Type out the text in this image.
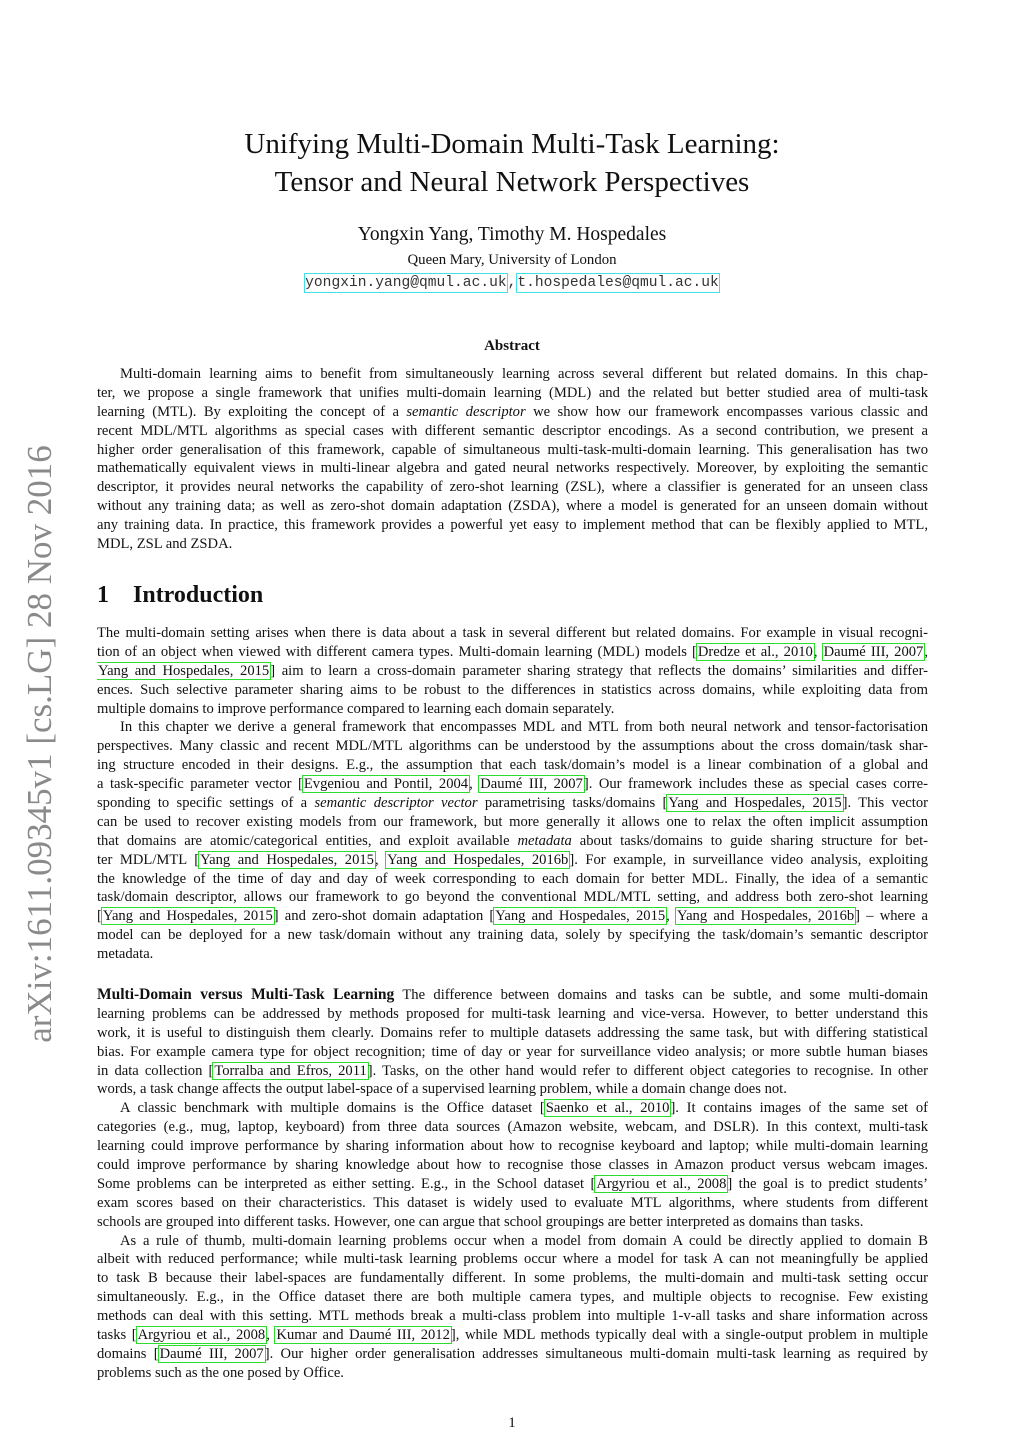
arXiv:1611.09345v1 [cs.LG] 28 Nov 2016
Unifying Multi-Domain Multi-Task Learning:
Tensor and Neural Network Perspectives
Yongxin Yang, Timothy M. Hospedales
Queen Mary, University of London
yongxin.yang@qmul.ac.uk,t.hospedales@qmul.ac.uk
Abstract
Multi-domain learning aims to benefit from simultaneously learning across several different but related domains. In this chap-
ter, we propose a single framework that unifies multi-domain learning (MDL) and the related but better studied area of multi-task
learning (MTL). By exploiting the concept of a semantic descriptor we show how our framework encompasses various classic and
recent MDL/MTL algorithms as special cases with different semantic descriptor encodings. As a second contribution, we present a
higher order generalisation of this framework, capable of simultaneous multi-task-multi-domain learning. This generalisation has two
mathematically equivalent views in multi-linear algebra and gated neural networks respectively. Moreover, by exploiting the semantic
descriptor, it provides neural networks the capability of zero-shot learning (ZSL), where a classifier is generated for an unseen class
without any training data; as well as zero-shot domain adaptation (ZSDA), where a model is generated for an unseen domain without
any training data. In practice, this framework provides a powerful yet easy to implement method that can be flexibly applied to MTL,
MDL, ZSL and ZSDA.
1 Introduction
The multi-domain setting arises when there is data about a task in several different but related domains. For example in visual recogni-
tion of an object when viewed with different camera types. Multi-domain learning (MDL) models [Dredze et al., 2010, Daumé III, 2007,
Yang and Hospedales, 2015] aim to learn a cross-domain parameter sharing strategy that reflects the domains’ similarities and differ-
ences. Such selective parameter sharing aims to be robust to the differences in statistics across domains, while exploiting data from
multiple domains to improve performance compared to learning each domain separately.
In this chapter we derive a general framework that encompasses MDL and MTL from both neural network and tensor-factorisation
perspectives. Many classic and recent MDL/MTL algorithms can be understood by the assumptions about the cross domain/task shar-
ing structure encoded in their designs. E.g., the assumption that each task/domain’s model is a linear combination of a global and
a task-specific parameter vector [Evgeniou and Pontil, 2004, Daumé III, 2007]. Our framework includes these as special cases corre-
sponding to specific settings of a semantic descriptor vector parametrising tasks/domains [Yang and Hospedales, 2015]. This vector
can be used to recover existing models from our framework, but more generally it allows one to relax the often implicit assumption
that domains are atomic/categorical entities, and exploit available metadata about tasks/domains to guide sharing structure for bet-
ter MDL/MTL [Yang and Hospedales, 2015, Yang and Hospedales, 2016b]. For example, in surveillance video analysis, exploiting
the knowledge of the time of day and day of week corresponding to each domain for better MDL. Finally, the idea of a semantic
task/domain descriptor, allows our framework to go beyond the conventional MDL/MTL setting, and address both zero-shot learning
[Yang and Hospedales, 2015] and zero-shot domain adaptation [Yang and Hospedales, 2015, Yang and Hospedales, 2016b] – where a
model can be deployed for a new task/domain without any training data, solely by specifying the task/domain’s semantic descriptor
metadata.
Multi-Domain versus Multi-Task Learning The difference between domains and tasks can be subtle, and some multi-domain
learning problems can be addressed by methods proposed for multi-task learning and vice-versa. However, to better understand this
work, it is useful to distinguish them clearly. Domains refer to multiple datasets addressing the same task, but with differing statistical
bias. For example camera type for object recognition; time of day or year for surveillance video analysis; or more subtle human biases
in data collection [Torralba and Efros, 2011]. Tasks, on the other hand would refer to different object categories to recognise. In other
words, a task change affects the output label-space of a supervised learning problem, while a domain change does not.
A classic benchmark with multiple domains is the Office dataset [Saenko et al., 2010]. It contains images of the same set of
categories (e.g., mug, laptop, keyboard) from three data sources (Amazon website, webcam, and DSLR). In this context, multi-task
learning could improve performance by sharing information about how to recognise keyboard and laptop; while multi-domain learning
could improve performance by sharing knowledge about how to recognise those classes in Amazon product versus webcam images.
Some problems can be interpreted as either setting. E.g., in the School dataset [Argyriou et al., 2008] the goal is to predict students’
exam scores based on their characteristics. This dataset is widely used to evaluate MTL algorithms, where students from different
schools are grouped into different tasks. However, one can argue that school groupings are better interpreted as domains than tasks.
As a rule of thumb, multi-domain learning problems occur when a model from domain A could be directly applied to domain B
albeit with reduced performance; while multi-task learning problems occur where a model for task A can not meaningfully be applied
to task B because their label-spaces are fundamentally different. In some problems, the multi-domain and multi-task setting occur
simultaneously. E.g., in the Office dataset there are both multiple camera types, and multiple objects to recognise. Few existing
methods can deal with this setting. MTL methods break a multi-class problem into multiple 1-v-all tasks and share information across
tasks [Argyriou et al., 2008, Kumar and Daumé III, 2012], while MDL methods typically deal with a single-output problem in multiple
domains [Daumé III, 2007]. Our higher order generalisation addresses simultaneous multi-domain multi-task learning as required by
problems such as the one posed by Office.
1
